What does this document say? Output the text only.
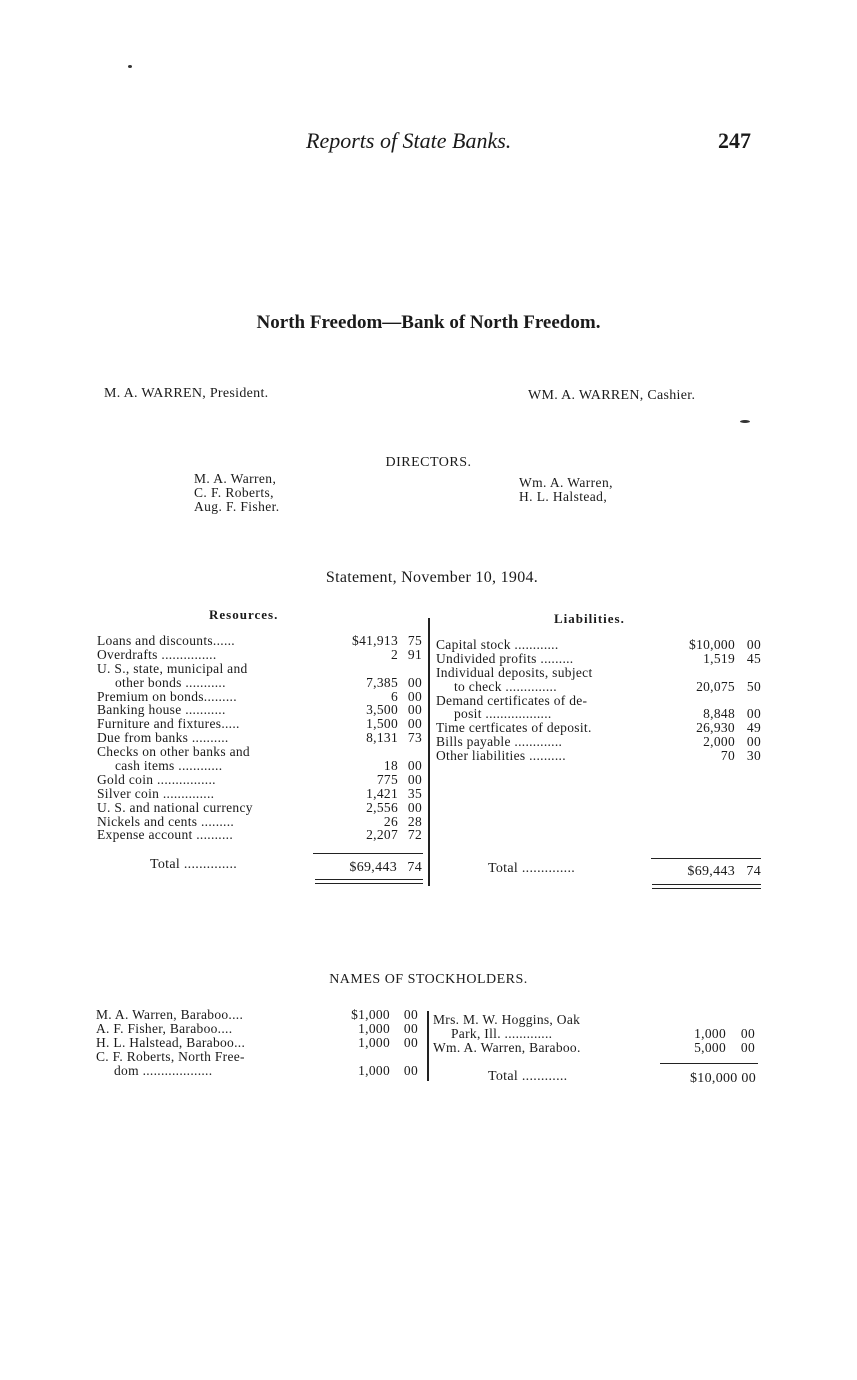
Reports of State Banks.	247
North Freedom—Bank of North Freedom.
M. A. WARREN, President.	WM. A. WARREN, Cashier.
DIRECTORS.
M. A. Warren,
C. F. Roberts,
Aug. F. Fisher.
Wm. A. Warren,
H. L. Halstead,
Statement, November 10, 1904.
Resources.	Liabilities.
Loans and discounts......	$41,913 75
Overdrafts ...............	2 91
U. S., state, municipal and
other bonds ...........	7,385 00
Premium on bonds.........	6 00
Banking house ...........	3,500 00
Furniture and fixtures.....	1,500 00
Due from banks ..........	8,131 73
Checks on other banks and
cash items ............	18 00
Gold coin ................	775 00
Silver coin ..............	1,421 35
U. S. and national currency	2,556 00
Nickels and cents .........	26 28
Expense account ..........	2,207 72
Capital stock ............	$10,000 00
Undivided profits .........	1,519 45
Individual deposits, subject
to check ..............	20,075 50
Demand certificates of de-
posit ..................	8,848 00
Time certficates of deposit.	26,930 49
Bills payable .............	2,000 00
Other liabilities ..........	70 30
Total ..............	$69,443 74	Total ..............	$69,443 74
NAMES OF STOCKHOLDERS.
M. A. Warren, Baraboo....	$1,000	00
A. F. Fisher, Baraboo....	1,000	00
H. L. Halstead, Baraboo...	1,000	00
C. F. Roberts, North Free-
dom ...................	1,000	00
Mrs. M. W. Hoggins, Oak
Park, Ill. .............	1,000	00
Wm. A. Warren, Baraboo.	5,000	00
Total ............	$10,000 00
